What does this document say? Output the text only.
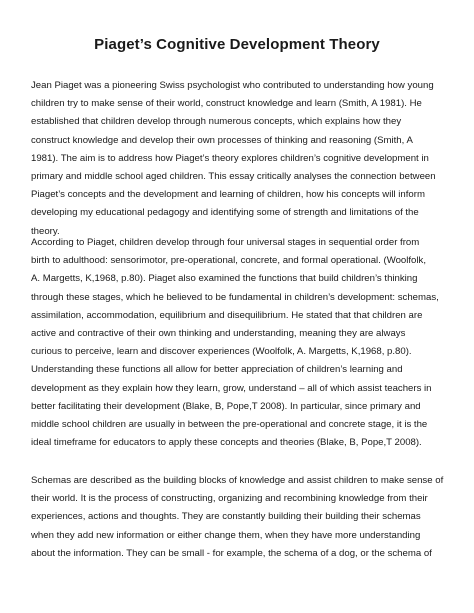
Piaget’s Cognitive Development Theory

Jean Piaget was a pioneering Swiss psychologist who contributed to understanding how young
children try to make sense of their world, construct knowledge and learn (Smith, A 1981). He
established that children develop through numerous concepts, which explains how they
construct knowledge and develop their own processes of thinking and reasoning (Smith, A
1981). The aim is to address how Piaget’s theory explores children’s cognitive development in
primary and middle school aged children. This essay critically analyses the connection between
Piaget’s concepts and the development and learning of children, how his concepts will inform
developing my educational pedagogy and identifying some of strength and limitations of the
theory.

According to Piaget, children develop through four universal stages in sequential order from
birth to adulthood: sensorimotor, pre-operational, concrete, and formal operational. (Woolfolk,
A. Margetts, K,1968, p.80). Piaget also examined the functions that build children’s thinking
through these stages, which he believed to be fundamental in children’s development: schemas,
assimilation, accommodation, equilibrium and disequilibrium. He stated that that children are
active and contractive of their own thinking and understanding, meaning they are always
curious to perceive, learn and discover experiences (Woolfolk, A. Margetts, K,1968, p.80).
Understanding these functions all allow for better appreciation of children’s learning and
development as they explain how they learn, grow, understand – all of which assist teachers in
better facilitating their development (Blake, B, Pope,T 2008). In particular, since primary and
middle school children are usually in between the pre-operational and concrete stage, it is the
ideal timeframe for educators to apply these concepts and theories (Blake, B, Pope,T 2008).

Schemas are described as the building blocks of knowledge and assist children to make sense of
their world. It is the process of constructing, organizing and recombining knowledge from their
experiences, actions and thoughts. They are constantly building their building their schemas
when they add new information or either change them, when they have more understanding
about the information. They can be small - for example, the schema of a dog, or the schema of
